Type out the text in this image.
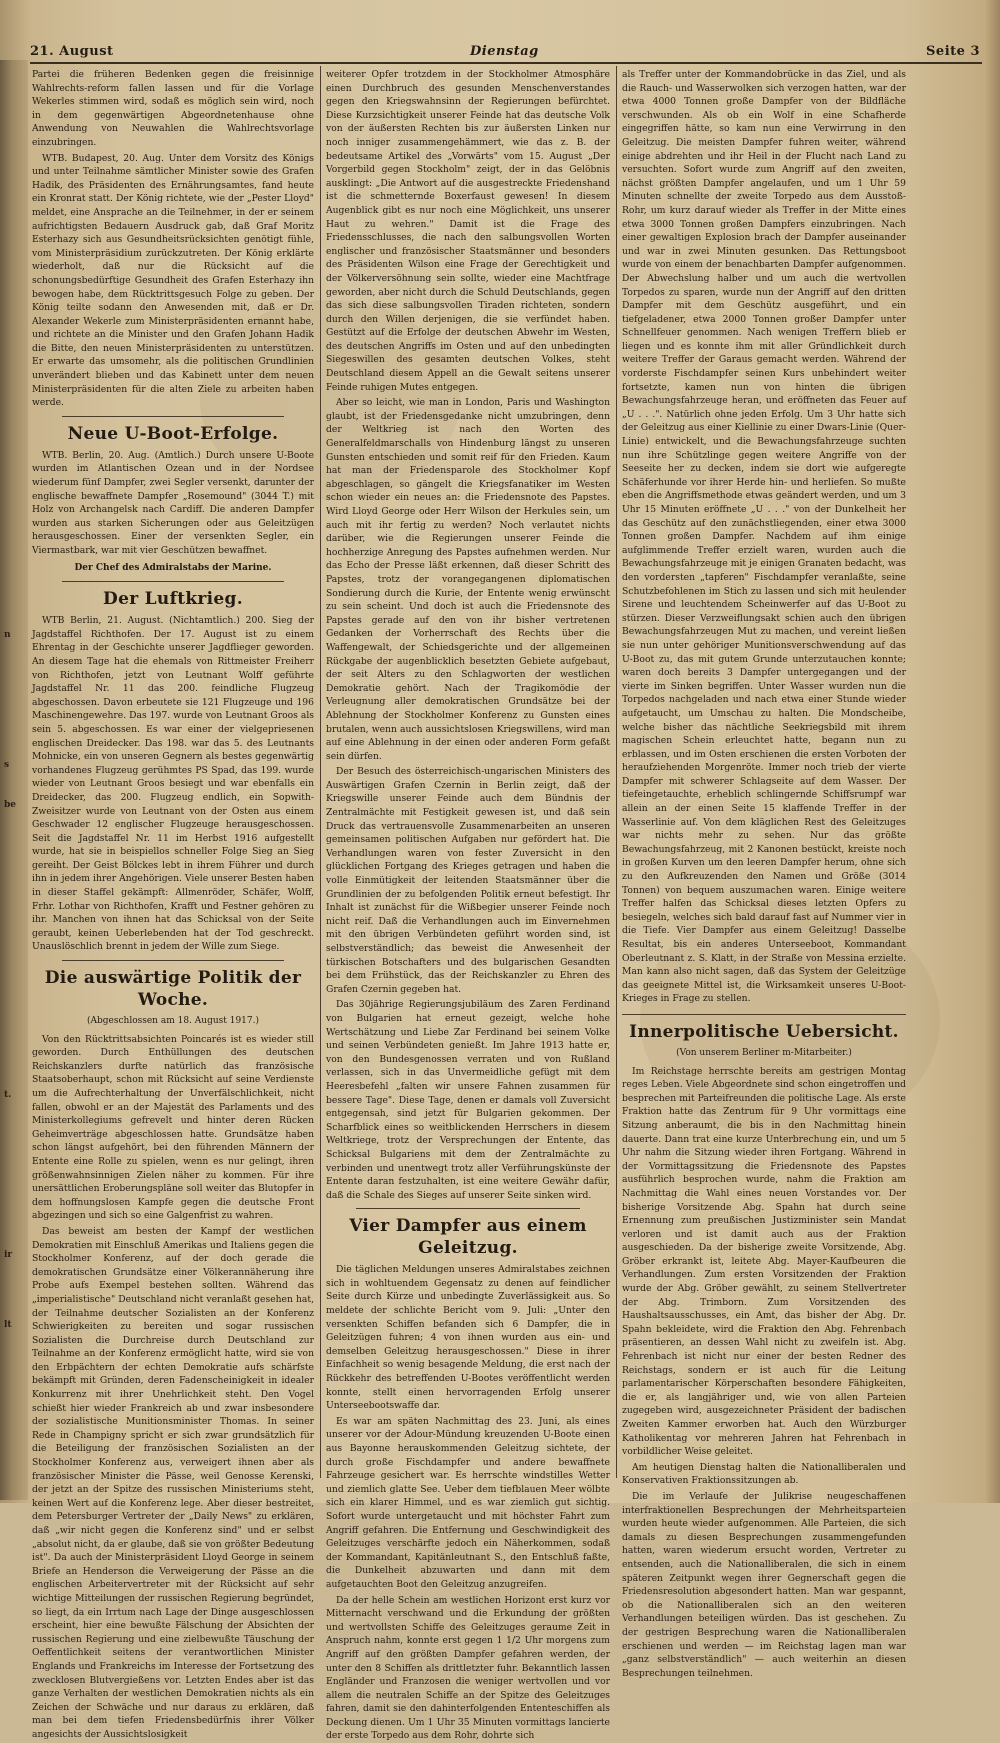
n
s
be
t.
ir
lt
21. August	Dienstag	Seite 3

Partei die früheren Bedenken gegen die freisinnige Wahlrechts-reform fallen lassen und für die Vorlage Wekerles stimmen wird, sodaß es möglich sein wird, noch in dem gegenwärtigen Abgeordnetenhause ohne Anwendung von Neuwahlen die Wahlrechtsvorlage einzubringen.

WTB. Budapest, 20. Aug. Unter dem Vorsitz des Königs und unter Teilnahme sämtlicher Minister sowie des Grafen Hadik, des Präsidenten des Ernährungsamtes, fand heute ein Kronrat statt. Der König richtete, wie der „Pester Lloyd" meldet, eine Ansprache an die Teilnehmer, in der er seinem aufrichtigsten Bedauern Ausdruck gab, daß Graf Moritz Esterhazy sich aus Gesundheitsrücksichten genötigt fühle, vom Ministerpräsidium zurückzutreten. Der König erklärte wiederholt, daß nur die Rücksicht auf die schonungsbedürftige Gesundheit des Grafen Esterhazy ihn bewogen habe, dem Rücktrittsgesuch Folge zu geben. Der König teilte sodann den Anwesenden mit, daß er Dr. Alexander Wekerle zum Ministerpräsidenten ernannt habe, und richtete an die Minister und den Grafen Johann Hadik die Bitte, den neuen Ministerpräsidenten zu unterstützen. Er erwarte das umsomehr, als die politischen Grundlinien unverändert blieben und das Kabinett unter dem neuen Ministerpräsidenten für die alten Ziele zu arbeiten haben werde.

Neue U-Boot-Erfolge.

WTB. Berlin, 20. Aug. (Amtlich.) Durch unsere U-Boote wurden im Atlantischen Ozean und in der Nordsee wiederum fünf Dampfer, zwei Segler versenkt, darunter der englische bewaffnete Dampfer „Rosemound" (3044 T.) mit Holz von Archangelsk nach Cardiff. Die anderen Dampfer wurden aus starken Sicherungen oder aus Geleitzügen herausgeschossen. Einer der versenkten Segler, ein Viermastbark, war mit vier Geschützen bewaffnet.

Der Chef des Admiralstabs der Marine.
Der Luftkrieg.

WTB Berlin, 21. August. (Nichtamtlich.) 200. Sieg der Jagdstaffel Richthofen. Der 17. August ist zu einem Ehrentag in der Geschichte unserer Jagdflieger geworden. An diesem Tage hat die ehemals von Rittmeister Freiherr von Richthofen, jetzt von Leutnant Wolff geführte Jagdstaffel Nr. 11 das 200. feindliche Flugzeug abgeschossen. Davon erbeutete sie 121 Flugzeuge und 196 Maschinengewehre. Das 197. wurde von Leutnant Groos als sein 5. abgeschossen. Es war einer der vielgepriesenen englischen Dreidecker. Das 198. war das 5. des Leutnants Mohnicke, ein von unseren Gegnern als bestes gegenwärtig vorhandenes Flugzeug gerühmtes PS Spad, das 199. wurde wieder von Leutnant Groos besiegt und war ebenfalls ein Dreidecker, das 200. Flugzeug endlich, ein Sopwith-Zweisitzer wurde von Leutnant von der Osten aus einem Geschwader 12 englischer Flugzeuge herausgeschossen. Seit die Jagdstaffel Nr. 11 im Herbst 1916 aufgestellt wurde, hat sie in beispiellos schneller Folge Sieg an Sieg gereiht. Der Geist Bölckes lebt in ihrem Führer und durch ihn in jedem ihrer Angehörigen. Viele unserer Besten haben in dieser Staffel gekämpft: Allmenröder, Schäfer, Wolff, Frhr. Lothar von Richthofen, Krafft und Festner gehören zu ihr. Manchen von ihnen hat das Schicksal von der Seite geraubt, keinen Ueberlebenden hat der Tod geschreckt. Unauslöschlich brennt in jedem der Wille zum Siege.

Die auswärtige Politik der Woche.
(Abgeschlossen am 18. August 1917.)

Von den Rücktrittsabsichten Poincarés ist es wieder still geworden. Durch Enthüllungen des deutschen Reichskanzlers durfte natürlich das französische Staatsoberhaupt, schon mit Rücksicht auf seine Verdienste um die Aufrechterhaltung der Unverfälschlichkeit, nicht fallen, obwohl er an der Majestät des Parlaments und des Ministerkollegiums gefrevelt und hinter deren Rücken Geheimverträge abgeschlossen hatte. Grundsätze haben schon längst aufgehört, bei den führenden Männern der Entente eine Rolle zu spielen, wenn es nur gelingt, ihren größenwahnsinnigen Zielen näher zu kommen. Für ihre unersättlichen Eroberungspläne soll weiter das Blutopfer in dem hoffnungslosen Kampfe gegen die deutsche Front abgezingen und sich so eine Galgenfrist zu wahren.

Das beweist am besten der Kampf der westlichen Demokratien mit Einschluß Amerikas und Italiens gegen die Stockholmer Konferenz, auf der doch gerade die demokratischen Grundsätze einer Völkerannäherung ihre Probe aufs Exempel bestehen sollten. Während das „imperialistische" Deutschland nicht veranlaßt gesehen hat, der Teilnahme deutscher Sozialisten an der Konferenz Schwierigkeiten zu bereiten und sogar russischen Sozialisten die Durchreise durch Deutschland zur Teilnahme an der Konferenz ermöglicht hatte, wird sie von den Erbpächtern der echten Demokratie aufs schärfste bekämpft mit Gründen, deren Fadenscheinigkeit in idealer Konkurrenz mit ihrer Unehrlichkeit steht. Den Vogel schießt hier wieder Frankreich ab und zwar insbesondere der sozialistische Munitionsminister Thomas. In seiner Rede in Champigny spricht er sich zwar grundsätzlich für die Beteiligung der französischen Sozialisten an der Stockholmer Konferenz aus, verweigert ihnen aber als französischer Minister die Pässe, weil Genosse Kerenski, der jetzt an der Spitze des russischen Ministeriums steht, keinen Wert auf die Konferenz lege. Aber dieser bestreitet, dem Petersburger Vertreter der „Daily News" zu erklären, daß „wir nicht gegen die Konferenz sind" und er selbst „absolut nicht, da er glaube, daß sie von größter Bedeutung ist". Da auch der Ministerpräsident Lloyd George in seinem Briefe an Henderson die Verweigerung der Pässe an die englischen Arbeitervertreter mit der Rücksicht auf sehr wichtige Mitteilungen der russischen Regierung begründet, so liegt, da ein Irrtum nach Lage der Dinge ausgeschlossen erscheint, hier eine bewußte Fälschung der Absichten der russischen Regierung und eine zielbewußte Täuschung der Oeffentlichkeit seitens der verantwortlichen Minister Englands und Frankreichs im Interesse der Fortsetzung des zwecklosen Blutvergießens vor. Letzten Endes aber ist das ganze Verhalten der westlichen Demokratien nichts als ein Zeichen der Schwäche und nur daraus zu erklären, daß man bei dem tiefen Friedensbedürfnis ihrer Völker angesichts der Aussichtslosigkeit

weiterer Opfer trotzdem in der Stockholmer Atmosphäre einen Durchbruch des gesunden Menschenverstandes gegen den Kriegswahnsinn der Regierungen befürchtet. Diese Kurzsichtigkeit unserer Feinde hat das deutsche Volk von der äußersten Rechten bis zur äußersten Linken nur noch inniger zusammengehämmert, wie das z. B. der bedeutsame Artikel des „Vorwärts" vom 15. August „Der Vorgerbild gegen Stockholm" zeigt, der in das Gelöbnis ausklingt: „Die Antwort auf die ausgestreckte Friedenshand ist die schmetternde Boxerfaust gewesen! In diesem Augenblick gibt es nur noch eine Möglichkeit, uns unserer Haut zu wehren." Damit ist die Frage des Friedensschlusses, die nach den salbungsvollen Worten englischer und französischer Staatsmänner und besonders des Präsidenten Wilson eine Frage der Gerechtigkeit und der Völkerversöhnung sein sollte, wieder eine Machtfrage geworden, aber nicht durch die Schuld Deutschlands, gegen das sich diese salbungsvollen Tiraden richteten, sondern durch den Willen derjenigen, die sie verfündet haben. Gestützt auf die Erfolge der deutschen Abwehr im Westen, des deutschen Angriffs im Osten und auf den unbedingten Siegeswillen des gesamten deutschen Volkes, steht Deutschland diesem Appell an die Gewalt seitens unserer Feinde ruhigen Mutes entgegen.

Aber so leicht, wie man in London, Paris und Washington glaubt, ist der Friedensgedanke nicht umzubringen, denn der Weltkrieg ist nach den Worten des Generalfeldmarschalls von Hindenburg längst zu unseren Gunsten entschieden und somit reif für den Frieden. Kaum hat man der Friedensparole des Stockholmer Kopf abgeschlagen, so gängelt die Kriegsfanatiker im Westen schon wieder ein neues an: die Friedensnote des Papstes. Wird Lloyd George oder Herr Wilson der Herkules sein, um auch mit ihr fertig zu werden? Noch verlautet nichts darüber, wie die Regierungen unserer Feinde die hochherzige Anregung des Papstes aufnehmen werden. Nur das Echo der Presse läßt erkennen, daß dieser Schritt des Papstes, trotz der vorangegangenen diplomatischen Sondierung durch die Kurie, der Entente wenig erwünscht zu sein scheint. Und doch ist auch die Friedensnote des Papstes gerade auf den von ihr bisher vertretenen Gedanken der Vorherrschaft des Rechts über die Waffengewalt, der Schiedsgerichte und der allgemeinen Rückgabe der augenblicklich besetzten Gebiete aufgebaut, der seit Alters zu den Schlagworten der westlichen Demokratie gehört. Nach der Tragikomödie der Verleugnung aller demokratischen Grundsätze bei der Ablehnung der Stockholmer Konferenz zu Gunsten eines brutalen, wenn auch aussichtslosen Kriegswillens, wird man auf eine Ablehnung in der einen oder anderen Form gefaßt sein dürfen.

Der Besuch des österreichisch-ungarischen Ministers des Auswärtigen Grafen Czernin in Berlin zeigt, daß der Kriegswille unserer Feinde auch dem Bündnis der Zentralmächte mit Festigkeit gewesen ist, und daß sein Druck das vertrauensvolle Zusammenarbeiten an unseren gemeinsamen politischen Aufgaben nur gefördert hat. Die Verhandlungen waren von fester Zuversicht in den glücklichen Fortgang des Krieges getragen und haben die volle Einmütigkeit der leitenden Staatsmänner über die Grundlinien der zu befolgenden Politik erneut befestigt. Ihr Inhalt ist zunächst für die Wißbegier unserer Feinde noch nicht reif. Daß die Verhandlungen auch im Einvernehmen mit den übrigen Verbündeten geführt worden sind, ist selbstverständlich; das beweist die Anwesenheit der türkischen Botschafters und des bulgarischen Gesandten bei dem Frühstück, das der Reichskanzler zu Ehren des Grafen Czernin gegeben hat.

Das 30jährige Regierungsjubiläum des Zaren Ferdinand von Bulgarien hat erneut gezeigt, welche hohe Wertschätzung und Liebe Zar Ferdinand bei seinem Volke und seinen Verbündeten genießt. Im Jahre 1913 hatte er, von den Bundesgenossen verraten und von Rußland verlassen, sich in das Unvermeidliche gefügt mit dem Heeresbefehl „falten wir unsere Fahnen zusammen für bessere Tage". Diese Tage, denen er damals voll Zuversicht entgegensah, sind jetzt für Bulgarien gekommen. Der Scharfblick eines so weitblickenden Herrschers in diesem Weltkriege, trotz der Versprechungen der Entente, das Schicksal Bulgariens mit dem der Zentralmächte zu verbinden und unentwegt trotz aller Verführungskünste der Entente daran festzuhalten, ist eine weitere Gewähr dafür, daß die Schale des Sieges auf unserer Seite sinken wird.

Vier Dampfer aus einem Geleitzug.

Die täglichen Meldungen unseres Admiralstabes zeichnen sich in wohltuendem Gegensatz zu denen auf feindlicher Seite durch Kürze und unbedingte Zuverlässigkeit aus. So meldete der schlichte Bericht vom 9. Juli: „Unter den versenkten Schiffen befanden sich 6 Dampfer, die in Geleitzügen fuhren; 4 von ihnen wurden aus ein- und demselben Geleitzug herausgeschossen." Diese in ihrer Einfachheit so wenig besagende Meldung, die erst nach der Rückkehr des betreffenden U-Bootes veröffentlicht werden konnte, stellt einen hervorragenden Erfolg unserer Unterseebootswaffe dar.

Es war am späten Nachmittag des 23. Juni, als eines unserer vor der Adour-Mündung kreuzenden U-Boote einen aus Bayonne herauskommenden Geleitzug sichtete, der durch große Fischdampfer und andere bewaffnete Fahrzeuge gesichert war. Es herrschte windstilles Wetter und ziemlich glatte See. Ueber dem tiefblauen Meer wölbte sich ein klarer Himmel, und es war ziemlich gut sichtig. Sofort wurde untergetaucht und mit höchster Fahrt zum Angriff gefahren. Die Entfernung und Geschwindigkeit des Geleitzuges verschärfte jedoch ein Näherkommen, sodaß der Kommandant, Kapitänleutnant S., den Entschluß faßte, die Dunkelheit abzuwarten und dann mit dem aufgetauchten Boot den Geleitzug anzugreifen.

Da der helle Schein am westlichen Horizont erst kurz vor Mitternacht verschwand und die Erkundung der größten und wertvollsten Schiffe des Geleitzuges geraume Zeit in Anspruch nahm, konnte erst gegen 1 1/2 Uhr morgens zum Angriff auf den größten Dampfer gefahren werden, der unter den 8 Schiffen als drittletzter fuhr. Bekanntlich lassen Engländer und Franzosen die weniger wertvollen und vor allem die neutralen Schiffe an der Spitze des Geleitzuges fahren, damit sie den dahinterfolgenden Ententeschiffen als Deckung dienen. Um 1 Uhr 35 Minuten vormittags lancierte der erste Torpedo aus dem Rohr, dohrte sich

als Treffer unter der Kommandobrücke in das Ziel, und als die Rauch- und Wasserwolken sich verzogen hatten, war der etwa 4000 Tonnen große Dampfer von der Bildfläche verschwunden. Als ob ein Wolf in eine Schafherde eingegriffen hätte, so kam nun eine Verwirrung in den Geleitzug. Die meisten Dampfer fuhren weiter, während einige abdrehten und ihr Heil in der Flucht nach Land zu versuchten. Sofort wurde zum Angriff auf den zweiten, nächst größten Dampfer angelaufen, und um 1 Uhr 59 Minuten schnellte der zweite Torpedo aus dem Ausstoß-Rohr, um kurz darauf wieder als Treffer in der Mitte eines etwa 3000 Tonnen großen Dampfers einzubringen. Nach einer gewaltigen Explosion brach der Dampfer auseinander und war in zwei Minuten gesunken. Das Rettungsboot wurde von einem der benachbarten Dampfer aufgenommen. Der Abwechslung halber und um auch die wertvollen Torpedos zu sparen, wurde nun der Angriff auf den dritten Dampfer mit dem Geschütz ausgeführt, und ein tiefgeladener, etwa 2000 Tonnen großer Dampfer unter Schnellfeuer genommen. Nach wenigen Treffern blieb er liegen und es konnte ihm mit aller Gründlichkeit durch weitere Treffer der Garaus gemacht werden. Während der vorderste Fischdampfer seinen Kurs unbehindert weiter fortsetzte, kamen nun von hinten die übrigen Bewachungsfahrzeuge heran, und eröffneten das Feuer auf „U . . .". Natürlich ohne jeden Erfolg. Um 3 Uhr hatte sich der Geleitzug aus einer Kiellinie zu einer Dwars-Linie (Quer-Linie) entwickelt, und die Bewachungsfahrzeuge suchten nun ihre Schützlinge gegen weitere Angriffe von der Seeseite her zu decken, indem sie dort wie aufgeregte Schäferhunde vor ihrer Herde hin- und herliefen. So mußte eben die Angriffsmethode etwas geändert werden, und um 3 Uhr 15 Minuten eröffnete „U . . ." von der Dunkelheit her das Geschütz auf den zunächstliegenden, einer etwa 3000 Tonnen großen Dampfer. Nachdem auf ihm einige aufglimmende Treffer erzielt waren, wurden auch die Bewachungsfahrzeuge mit je einigen Granaten bedacht, was den vordersten „tapferen" Fischdampfer veranlaßte, seine Schutzbefohlenen im Stich zu lassen und sich mit heulender Sirene und leuchtendem Scheinwerfer auf das U-Boot zu stürzen. Dieser Verzweiflungsakt schien auch den übrigen Bewachungsfahrzeugen Mut zu machen, und vereint ließen sie nun unter gehöriger Munitionsverschwendung auf das U-Boot zu, das mit gutem Grunde unterzutauchen konnte; waren doch bereits 3 Dampfer untergegangen und der vierte im Sinken begriffen. Unter Wasser wurden nun die Torpedos nachgeladen und nach etwa einer Stunde wieder aufgetaucht, um Umschau zu halten. Die Mondscheibe, welche bisher das nächtliche Seekriegsbild mit ihrem magischen Schein erleuchtet hatte, begann nun zu erblassen, und im Osten erschienen die ersten Vorboten der heraufziehenden Morgenröte. Immer noch trieb der vierte Dampfer mit schwerer Schlagseite auf dem Wasser. Der tiefeingetauchte, erheblich schlingernde Schiffsrumpf war allein an der einen Seite 15 klaffende Treffer in der Wasserlinie auf. Von dem kläglichen Rest des Geleitzuges war nichts mehr zu sehen. Nur das größte Bewachungsfahrzeug, mit 2 Kanonen bestückt, kreiste noch in großen Kurven um den leeren Dampfer herum, ohne sich zu den Aufkreuzenden den Namen und Größe (3014 Tonnen) von bequem auszumachen waren. Einige weitere Treffer halfen das Schicksal dieses letzten Opfers zu besiegeln, welches sich bald darauf fast auf Nummer vier in die Tiefe. Vier Dampfer aus einem Geleitzug! Dasselbe Resultat, bis ein anderes Unterseeboot, Kommandant Oberleutnant z. S. Klatt, in der Straße von Messina erzielte. Man kann also nicht sagen, daß das System der Geleitzüge das geeignete Mittel ist, die Wirksamkeit unseres U-Boot-Krieges in Frage zu stellen.

Innerpolitische Uebersicht.
(Von unserem Berliner m-Mitarbeiter.)

Im Reichstage herrschte bereits am gestrigen Montag reges Leben. Viele Abgeordnete sind schon eingetroffen und besprechen mit Parteifreunden die politische Lage. Als erste Fraktion hatte das Zentrum für 9 Uhr vormittags eine Sitzung anberaumt, die bis in den Nachmittag hinein dauerte. Dann trat eine kurze Unterbrechung ein, und um 5 Uhr nahm die Sitzung wieder ihren Fortgang. Während in der Vormittagssitzung die Friedensnote des Papstes ausführlich besprochen wurde, nahm die Fraktion am Nachmittag die Wahl eines neuen Vorstandes vor. Der bisherige Vorsitzende Abg. Spahn hat durch seine Ernennung zum preußischen Justizminister sein Mandat verloren und ist damit auch aus der Fraktion ausgeschieden. Da der bisherige zweite Vorsitzende, Abg. Gröber erkrankt ist, leitete Abg. Mayer-Kaufbeuren die Verhandlungen. Zum ersten Vorsitzenden der Fraktion wurde der Abg. Gröber gewählt, zu seinem Stellvertreter der Abg. Trimborn. Zum Vorsitzenden des Haushaltsausschusses, ein Amt, das bisher der Abg. Dr. Spahn bekleidete, wird die Fraktion den Abg. Fehrenbach präsentieren, an dessen Wahl nicht zu zweifeln ist. Abg. Fehrenbach ist nicht nur einer der besten Redner des Reichstags, sondern er ist auch für die Leitung parlamentarischer Körperschaften besondere Fähigkeiten, die er, als langjähriger und, wie von allen Parteien zugegeben wird, ausgezeichneter Präsident der badischen Zweiten Kammer erworben hat. Auch den Würzburger Katholikentag vor mehreren Jahren hat Fehrenbach in vorbildlicher Weise geleitet.

Am heutigen Dienstag halten die Nationalliberalen und Konservativen Fraktionssitzungen ab.

Die im Verlaufe der Julikrise neugeschaffenen interfraktionellen Besprechungen der Mehrheitsparteien wurden heute wieder aufgenommen. Alle Parteien, die sich damals zu diesen Besprechungen zusammengefunden hatten, waren wiederum ersucht worden, Vertreter zu entsenden, auch die Nationalliberalen, die sich in einem späteren Zeitpunkt wegen ihrer Gegnerschaft gegen die Friedensresolution abgesondert hatten. Man war gespannt, ob die Nationalliberalen sich an den weiteren Verhandlungen beteiligen würden. Das ist geschehen. Zu der gestrigen Besprechung waren die Nationalliberalen erschienen und werden — im Reichstag lagen man war „ganz selbstverständlich" — auch weiterhin an diesen Besprechungen teilnehmen.
